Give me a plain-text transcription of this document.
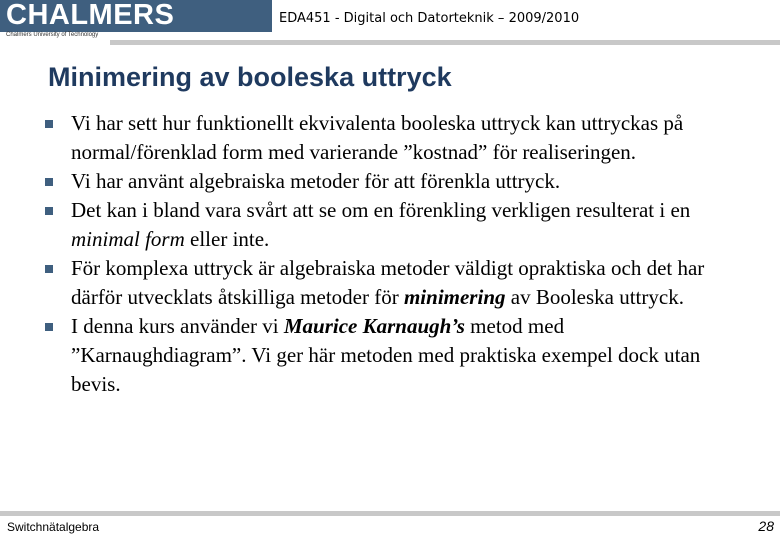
CHALMERS
Chalmers University of Technology
EDA451 - Digital och Datorteknik – 2009/2010
Minimering av booleska uttryck
Vi har sett hur funktionellt ekvivalenta booleska uttryck kan uttryckas på normal/förenklad form med varierande ”kostnad” för realiseringen.
Vi har använt algebraiska metoder för att förenkla uttryck.
Det kan i bland vara svårt att se om en förenkling verkligen resulterat i en minimal form eller inte.
För komplexa uttryck är algebraiska metoder väldigt opraktiska och det har därför utvecklats åtskilliga metoder för minimering av Booleska uttryck.
I denna kurs använder vi Maurice Karnaugh’s metod med ”Karnaughdiagram”. Vi ger här metoden med praktiska exempel dock utan bevis.
Switchnätalgebra	28
